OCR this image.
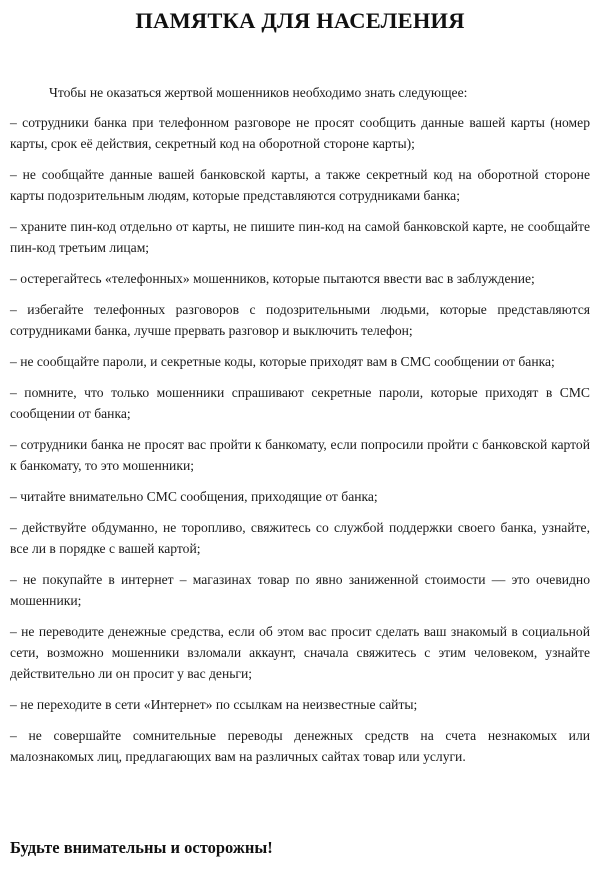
ПАМЯТКА ДЛЯ НАСЕЛЕНИЯ
Чтобы не оказаться жертвой мошенников необходимо знать следующее:

– сотрудники банка при телефонном разговоре не просят сообщить данные вашей карты (номер карты, срок её действия, секретный код на оборотной стороне карты);

– не сообщайте данные вашей банковской карты, а также секретный код на оборотной стороне карты подозрительным людям, которые представляются сотрудниками банка;

– храните пин-код отдельно от карты, не пишите пин-код на самой банковской карте, не сообщайте пин-код третьим лицам;

– остерегайтесь «телефонных» мошенников, которые пытаются ввести вас в заблуждение;

– избегайте телефонных разговоров с подозрительными людьми, которые представляются сотрудниками банка, лучше прервать разговор и выключить телефон;

– не сообщайте пароли, и секретные коды, которые приходят вам в СМС сообщении от банка;

– помните, что только мошенники спрашивают секретные пароли, которые приходят в СМС сообщении от банка;

– сотрудники банка не просят вас пройти к банкомату, если попросили пройти с банковской картой к банкомату, то это мошенники;

– читайте внимательно СМС сообщения, приходящие от банка;

– действуйте обдуманно, не торопливо, свяжитесь со службой поддержки своего банка, узнайте, все ли в порядке с вашей картой;

– не покупайте в интернет – магазинах товар по явно заниженной стоимости — это очевидно мошенники;

– не переводите денежные средства, если об этом вас просит сделать ваш знакомый в социальной сети, возможно мошенники взломали аккаунт, сначала свяжитесь с этим человеком, узнайте действительно ли он просит у вас деньги;

– не переходите в сети «Интернет» по ссылкам на неизвестные сайты;

– не совершайте сомнительные переводы денежных средств на счета незнакомых или малознакомых лиц, предлагающих вам на различных сайтах товар или услуги.

Будьте внимательны и осторожны!
